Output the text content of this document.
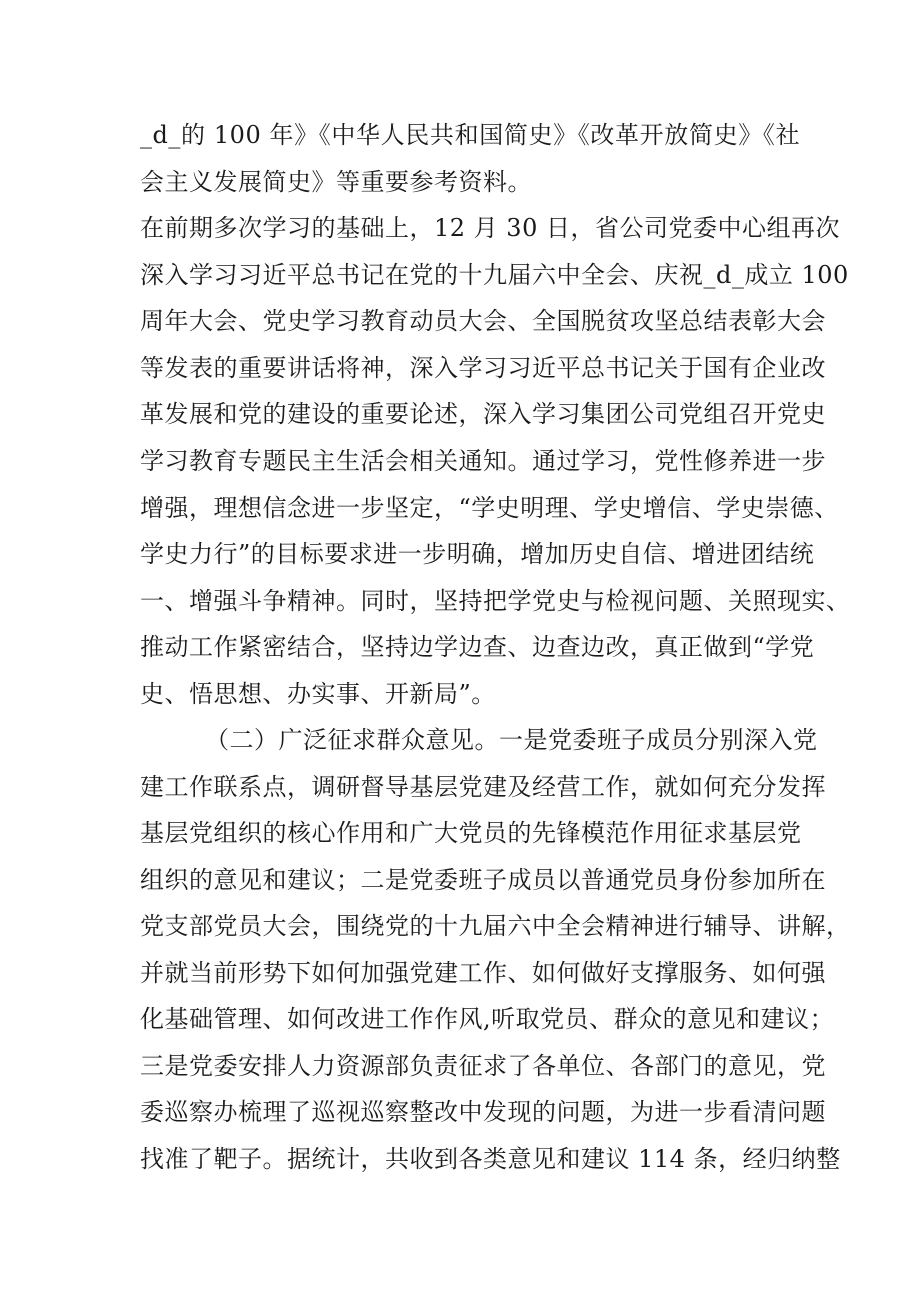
_d_的 100 年》《中华人民共和国简史》《改革开放简史》《社
会主义发展简史》等重要参考资料。
在前期多次学习的基础上，12 月 30 日，省公司党委中心组再次
深入学习习近平总书记在党的十九届六中全会、庆祝_d_成立 100
周年大会、党史学习教育动员大会、全国脱贫攻坚总结表彰大会
等发表的重要讲话将神，深入学习习近平总书记关于国有企业改
革发展和党的建设的重要论述，深入学习集团公司党组召开党史
学习教育专题民主生活会相关通知。通过学习，党性修养进一步
增强，理想信念进一步坚定，“学史明理、学史增信、学史崇德、
学史力行”的目标要求进一步明确，增加历史自信、增进团结统
一、增强斗争精神。同时，坚持把学党史与检视问题、关照现实、
推动工作紧密结合，坚持边学边查、边查边改，真正做到“学党
史、悟思想、办实事、开新局”。
（二）广泛征求群众意见。一是党委班子成员分别深入党
建工作联系点，调研督导基层党建及经营工作，就如何充分发挥
基层党组织的核心作用和广大党员的先锋模范作用征求基层党
组织的意见和建议；二是党委班子成员以普通党员身份参加所在
党支部党员大会，围绕党的十九届六中全会精神进行辅导、讲解，
并就当前形势下如何加强党建工作、如何做好支撑服务、如何强
化基础管理、如何改进工作作风,听取党员、群众的意见和建议；
三是党委安排人力资源部负责征求了各单位、各部门的意见，党
委巡察办梳理了巡视巡察整改中发现的问题，为进一步看清问题
找准了靶子。据统计，共收到各类意见和建议 114 条，经归纳整
